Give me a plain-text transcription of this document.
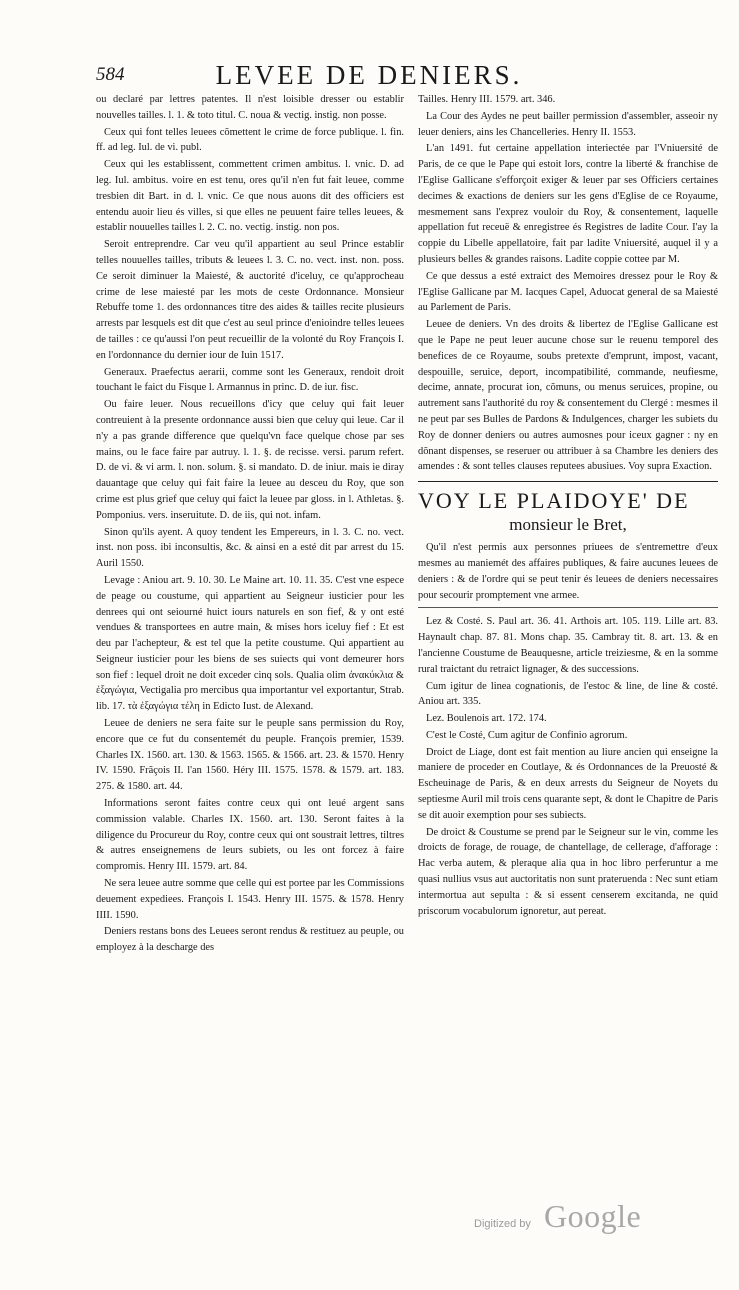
584	LEVEE DE DENIERS.

ou declaré par lettres patentes. Il n'est loisible dresser ou establir nouvelles tailles. l. 1. & toto titul. C. noua & vectig. instig. non posse.

Ceux qui font telles leuees cõmettent le crime de force publique. l. fin. ff. ad leg. Iul. de vi. publ.

Ceux qui les establissent, commettent crimen ambitus. l. vnic. D. ad leg. Iul. ambitus. voire en est tenu, ores qu'il n'en fut fait leuee, comme tresbien dit Bart. in d. l. vnic. Ce que nous auons dit des officiers est entendu auoir lieu és villes, si que elles ne peuuent faire telles leuees, & establir nouuelles tailles l. 2. C. no. vectig. instig. non pos.

Seroit entreprendre. Car veu qu'il appartient au seul Prince establir telles nouuelles tailles, tributs & leuees l. 3. C. no. vect. inst. non. poss. Ce seroit diminuer la Maiesté, & auctorité d'iceluy, ce qu'approcheau crime de lese maiesté par les mots de ceste Ordonnance. Monsieur Rebuffe tome 1. des ordonnances titre des aides & tailles recite plusieurs arrests par lesquels est dit que c'est au seul prince d'enioindre telles leuees de tailles : ce qu'aussi l'on peut recueillir de la volonté du Roy François I. en l'ordonnance du dernier iour de Iuin 1517.

Generaux. Praefectus aerarii, comme sont les Generaux, rendoit droit touchant le faict du Fisque l. Armannus in princ. D. de iur. fisc.

Ou faire leuer. Nous recueillons d'icy que celuy qui fait leuer contreuient à la presente ordonnance aussi bien que celuy qui leue. Car il n'y a pas grande difference que quelqu'vn face quelque chose par ses mains, ou le face faire par autruy. l. 1. §. de recisse. versi. parum refert. D. de vi. & vi arm. l. non. solum. §. si mandato. D. de iniur. mais ie diray dauantage que celuy qui fait faire la leuee au desceu du Roy, que son crime est plus grief que celuy qui faict la leuee par gloss. in l. Athletas. §. Pomponius. vers. inseruitute. D. de iis, qui not. infam.

Sinon qu'ils ayent. A quoy tendent les Empereurs, in l. 3. C. no. vect. inst. non poss. ibi inconsultis, &c. & ainsi en a esté dit par arrest du 15. Auril 1550.

Levage : Aniou art. 9. 10. 30. Le Maine art. 10. 11. 35. C'est vne espece de peage ou coustume, qui appartient au Seigneur iusticier pour les denrees qui ont seiourné huict iours naturels en son fief, & y ont esté vendues & transportees en autre main, & mises hors iceluy fief : Et est deu par l'achepteur, & est tel que la petite coustume. Qui appartient au Seigneur iusticier pour les biens de ses suiects qui vont demeurer hors son fief : lequel droit ne doit exceder cinq sols. Qualia olim ἀνακύκλια & ἐξαγώγια, Vectigalia pro mercibus qua importantur vel exportantur, Strab. lib. 17. τὰ ἐξαγώγια τέλη in Edicto Iust. de Alexand.

Leuee de deniers ne sera faite sur le peuple sans permission du Roy, encore que ce fut du consentemét du peuple. François premier, 1539. Charles IX. 1560. art. 130. & 1563. 1565. & 1566. art. 23. & 1570. Henry IV. 1590. Frãçois II. l'an 1560. Héry III. 1575. 1578. & 1579. art. 183. 275. & 1580. art. 44.

Informations seront faites contre ceux qui ont leué argent sans commission valable. Charles IX. 1560. art. 130. Seront faites à la diligence du Procureur du Roy, contre ceux qui ont soustrait lettres, tiltres & autres enseignemens de leurs subiets, ou les ont forcez à faire compromis. Henry III. 1579. art. 84.

Ne sera leuee autre somme que celle qui est portee par les Commissions deuement expediees. François I. 1543. Henry III. 1575. & 1578. Henry IIII. 1590.

Deniers restans bons des Leuees seront rendus & restituez au peuple, ou employez à la descharge des

Tailles. Henry III. 1579. art. 346.

La Cour des Aydes ne peut bailler permission d'assembler, asseoir ny leuer deniers, ains les Chancelleries. Henry II. 1553.

L'an 1491. fut certaine appellation interiectée par l'Vniuersité de Paris, de ce que le Pape qui estoit lors, contre la liberté & franchise de l'Eglise Gallicane s'efforçoit exiger & leuer par ses Officiers certaines decimes & exactions de deniers sur les gens d'Eglise de ce Royaume, mesmement sans l'exprez vouloir du Roy, & consentement, laquelle appellation fut receuë & enregistree és Registres de ladite Cour. I'ay la coppie du Libelle appellatoire, fait par ladite Vniuersité, auquel il y a plusieurs belles & grandes raisons. Ladite coppie cottee par M.

Ce que dessus a esté extraict des Memoires dressez pour le Roy & l'Eglise Gallicane par M. Iacques Capel, Aduocat general de sa Maiesté au Parlement de Paris.

Leuee de deniers. Vn des droits & libertez de l'Eglise Gallicane est que le Pape ne peut leuer aucune chose sur le reuenu temporel des benefices de ce Royaume, soubs pretexte d'emprunt, impost, vacant, despouille, seruice, deport, incompatibilité, commande, neufiesme, decime, annate, procurat ion, cõmuns, ou menus seruices, propine, ou autrement sans l'authorité du roy & consentement du Clergé : mesmes il ne peut par ses Bulles de Pardons & Indulgences, charger les subiets du Roy de donner deniers ou autres aumosnes pour iceux gagner : ny en dõnant dispenses, se reseruer ou attribuer à sa Chambre les deniers des amendes : & sont telles clauses reputees abusiues. Voy supra Exaction.

VOY LE PLAIDOYE' DE
monsieur le Bret,

Qu'il n'est permis aux personnes priuees de s'entremettre d'eux mesmes au maniemét des affaires publiques, & faire aucunes leuees de deniers : & de l'ordre qui se peut tenir és leuees de deniers necessaires pour secourir promptement vne armee.

Lez & Costé. S. Paul art. 36. 41. Arthois art. 105. 119. Lille art. 83. Haynault chap. 87. 81. Mons chap. 35. Cambray tit. 8. art. 13. & en l'ancienne Coustume de Beauquesne, article treiziesme, & en la somme rural traictant du retraict lignager, & des successions.

Cum igitur de linea cognationis, de l'estoc & line, de line & costé. Aniou art. 335.

Lez. Boulenois art. 172. 174.

C'est le Costé, Cum agitur de Confinio agrorum.

Droict de Liage, dont est fait mention au liure ancien qui enseigne la maniere de proceder en Coutlaye, & és Ordonnances de la Preuosté & Escheuinage de Paris, & en deux arrests du Seigneur de Noyets du septiesme Auril mil trois cens quarante sept, & dont le Chapitre de Paris se dit auoir exemption pour ses subiects.

De droict & Coustume se prend par le Seigneur sur le vin, comme les droicts de forage, de rouage, de chantellage, de cellerage, d'afforage : Hac verba autem, & pleraque alia qua in hoc libro perferuntur a me quasi nullius vsus aut auctoritatis non sunt prateruenda : Nec sunt etiam intermortua aut sepulta : & si essent censerem excitanda, ne quid priscorum vocabulorum ignoretur, aut pereat.

Digitized by Google
